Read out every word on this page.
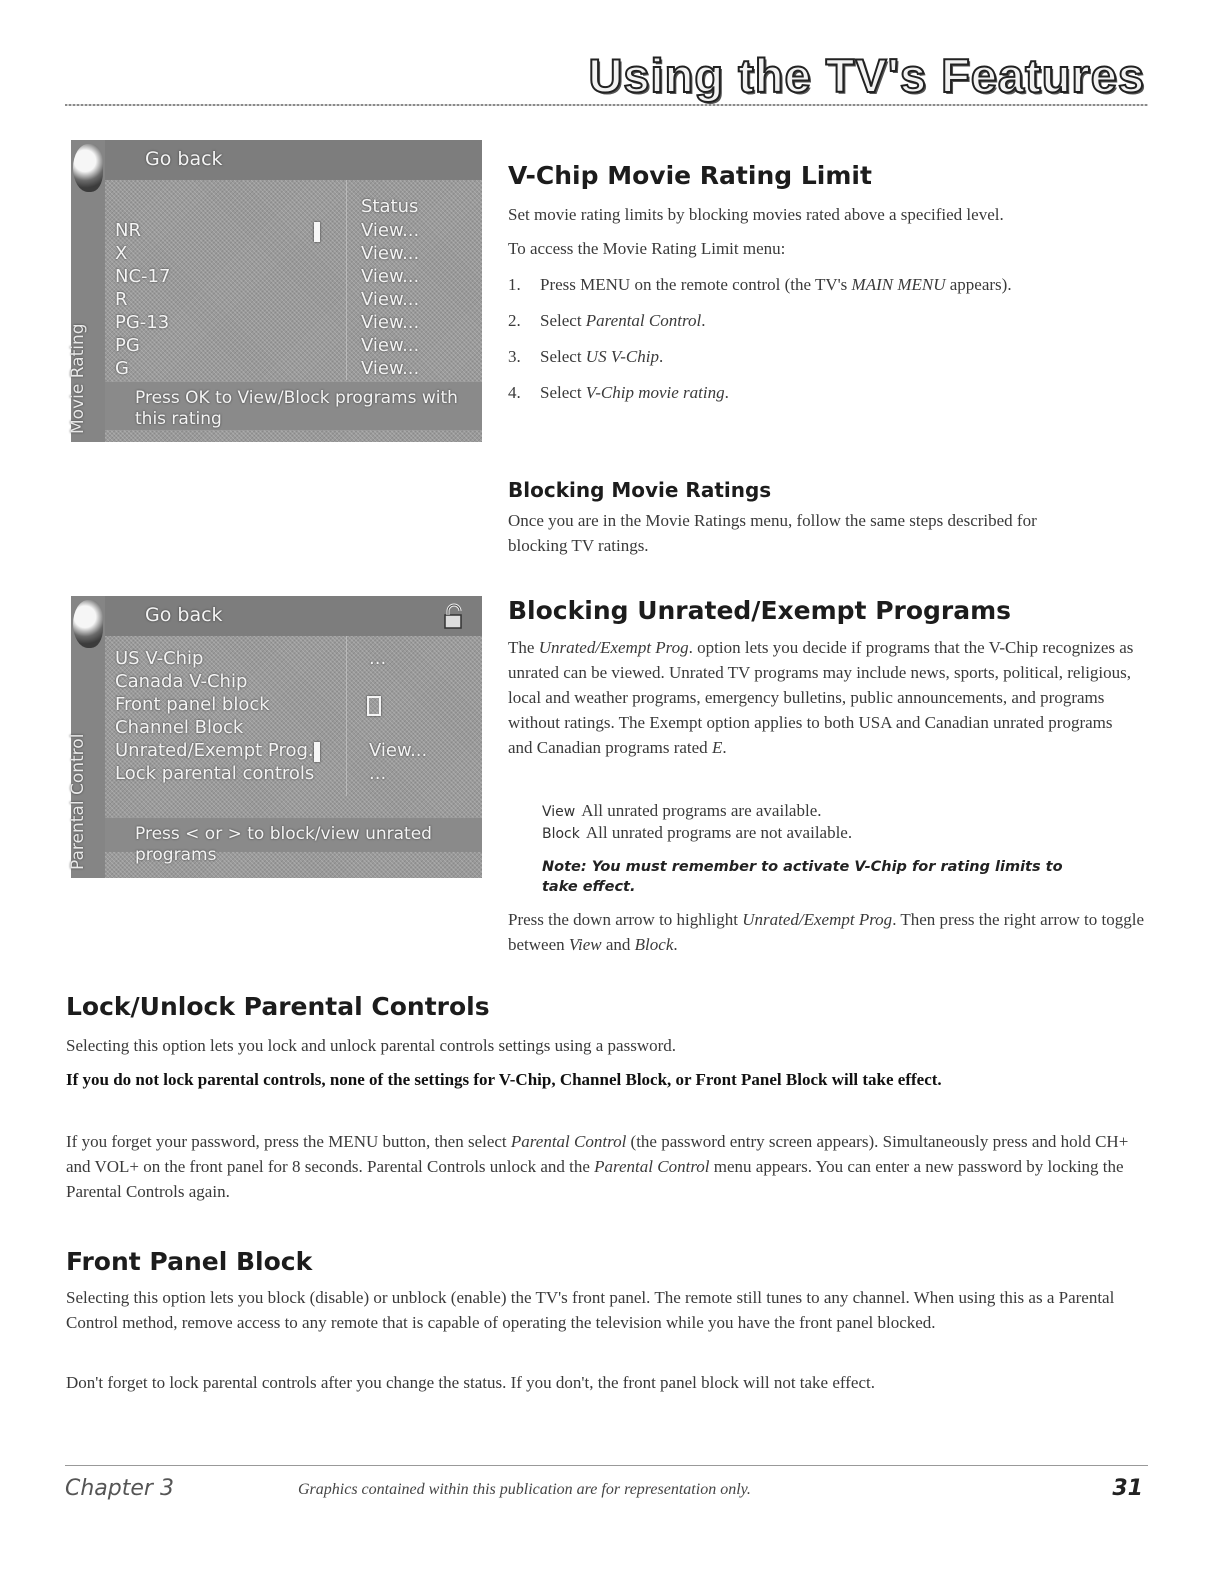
Using the TV's Features
Movie Rating
Go back
Status
NR	View...
X	View...
NC-17	View...
R	View...
PG-13	View...
PG	View...
G	View...
Press OK to View/Block programs with this rating
Parental Control
Go back
US V-Chip	...
Canada V-Chip
Front panel block
Channel Block
Unrated/Exempt Prog.	View...
Lock parental controls	...
Press < or > to block/view unrated programs
V-Chip Movie Rating Limit
Set movie rating limits by blocking movies rated above a specified level.
To access the Movie Rating Limit menu:
1. Press MENU on the remote control (the TV's MAIN MENU appears).
2. Select Parental Control.
3. Select US V-Chip.
4. Select V-Chip movie rating.
Blocking Movie Ratings
Once you are in the Movie Ratings menu, follow the same steps described for blocking TV ratings.
Blocking Unrated/Exempt Programs
The Unrated/Exempt Prog. option lets you decide if programs that the V-Chip recognizes as unrated can be viewed. Unrated TV programs may include news, sports, political, religious, local and weather programs, emergency bulletins, public announcements, and programs without ratings. The Exempt option applies to both USA and Canadian unrated programs and Canadian programs rated E.
View All unrated programs are available.
Block All unrated programs are not available.
Note: You must remember to activate V-Chip for rating limits to take effect.
Press the down arrow to highlight Unrated/Exempt Prog. Then press the right arrow to toggle between View and Block.
Lock/Unlock Parental Controls
Selecting this option lets you lock and unlock parental controls settings using a password.
If you do not lock parental controls, none of the settings for V-Chip, Channel Block, or Front Panel Block will take effect.
If you forget your password, press the MENU button, then select Parental Control (the password entry screen appears). Simultaneously press and hold CH+ and VOL+ on the front panel for 8 seconds. Parental Controls unlock and the Parental Control menu appears. You can enter a new password by locking the Parental Controls again.
Front Panel Block
Selecting this option lets you block (disable) or unblock (enable) the TV's front panel. The remote still tunes to any channel. When using this as a Parental Control method, remove access to any remote that is capable of operating the television while you have the front panel blocked.
Don't forget to lock parental controls after you change the status. If you don't, the front panel block will not take effect.
Chapter 3	Graphics contained within this publication are for representation only.	31
